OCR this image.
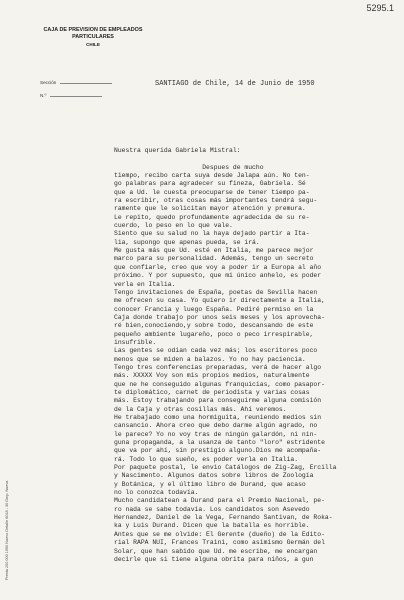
5295.1
CAJA DE PREVISION DE EMPLEADOS
PARTICULARES
CHILE
Sección
N.º
SANTIAGO de Chile, 14 de Junio de 1950
Presta 200 000 1950 Nuevo Detalle 8018 - 30 Dmp. Nueva
Nuestra querida Gabriela Mistral:
Despues de mucho
tiempo, recibo carta suya desde Jalapa aún. No ten-
go palabras para agradecer su fineza, Gabriela. Sé
que a Ud. le cuesta preocuparse de tener tiempo pa-
ra escribir, otras cosas más importantes tendrá segu-
ramente que le solicitan mayor atención y premura.
Le repito, quedo profundamente agradecida de su re-
cuerdo, lo peso en lo que vale.
Siento que su salud no la haya dejado partir a Ita-
lia, supongo que apenas pueda, se irá.
Me gusta más que Ud. esté en Italia, me parece mejor
marco para su personalidad. Además, tengo un secreto
que confiarle, creo que voy a poder ir a Europa al año
próximo. Y por supuesto, que mi único anhelo, es poder
verla en Italia.
Tengo invitaciones de España, poetas de Sevilla hacen
me ofrecen su casa. Yo quiero ir directamente a Italia,
conocer Francia y luego España. Pediré permiso en la
Caja donde trabajo por unos seis meses y los aprovecha-
ré bien,conociendo,y sobre todo, descansando de este
pequeño ambiente lugareño, poco o peco irrespirable,
insufrible.
Las gentes se odian cada vez más; los escritores poco
menos que se miden a balazos. Yo no hay paciencia.
Tengo tres conferencias preparadas, verá de hacer algo
más. XXXXX Voy son mis propios medios, naturalmente
que ne he conseguido algunas franquicias, como pasapor-
te diplomático, carnet de periodista y varias cosas
más. Estoy trabajando para conseguirme alguna comisión
de la Caja y otras cosillas más. Ahí veremos.
He trabajado como una hormiguita, reuniendo medios sin
cansancio. Ahora creo que debo darme algún agrado, no
le parece? Yo no voy tras de ningún galardón, ni nin-
guna propaganda, a la usanza de tanto "loro" estridente
que va por ahí, sin prestigio alguno.Dios me acompaña-
rá. Todo lo que sueño, es poder verla en Italia.
Por paquete postal, le envio Catálogos de Zig-Zag, Ercilla
y Nascimento. Algunos datos sobre libros de Zoología
y Botánica, y el último libro de Durand, que acaso
no lo conozca todavía.
Mucho candidatean a Durand para el Premio Nacional, pe-
ro nada se sabe todavía. Los candidatos son Asevedo
Hernandez, Daniel de la Vega, Fernando Santivan, de Roka-
ka y Luis Durand. Dicen que la batalla es horrible.
Antes que se me olvide: El Gerente (dueño) de la Edito-
rial RAPA NUI, Frances Traini, como asimismo Germán del
Solar, que han sabido que Ud. me escribe, me encargan
decirle que si tiene alguna obrita para niños, a gun
